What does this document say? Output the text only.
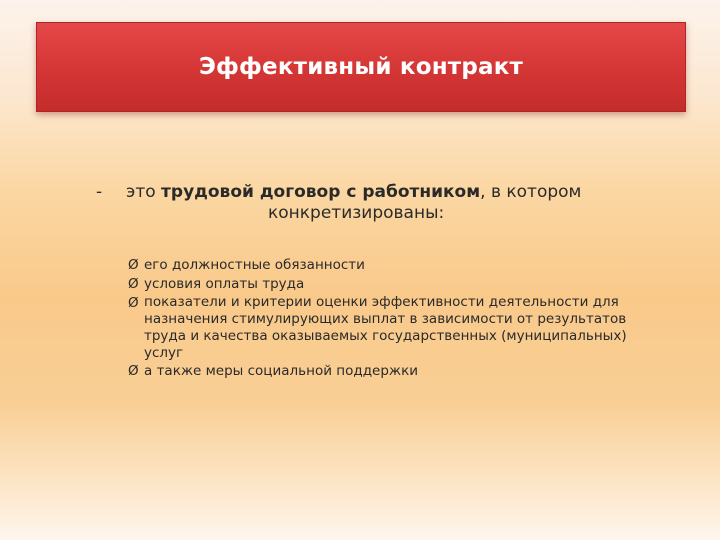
Эффективный контракт
- это трудовой договор с работником, в котором
конкретизированы:
Ø его должностные обязанности
Ø условия оплаты труда
Ø показатели и критерии оценки эффективности деятельности для назначения стимулирующих выплат в зависимости от результатов труда и качества оказываемых государственных (муниципальных) услуг
Ø а также меры социальной поддержки
